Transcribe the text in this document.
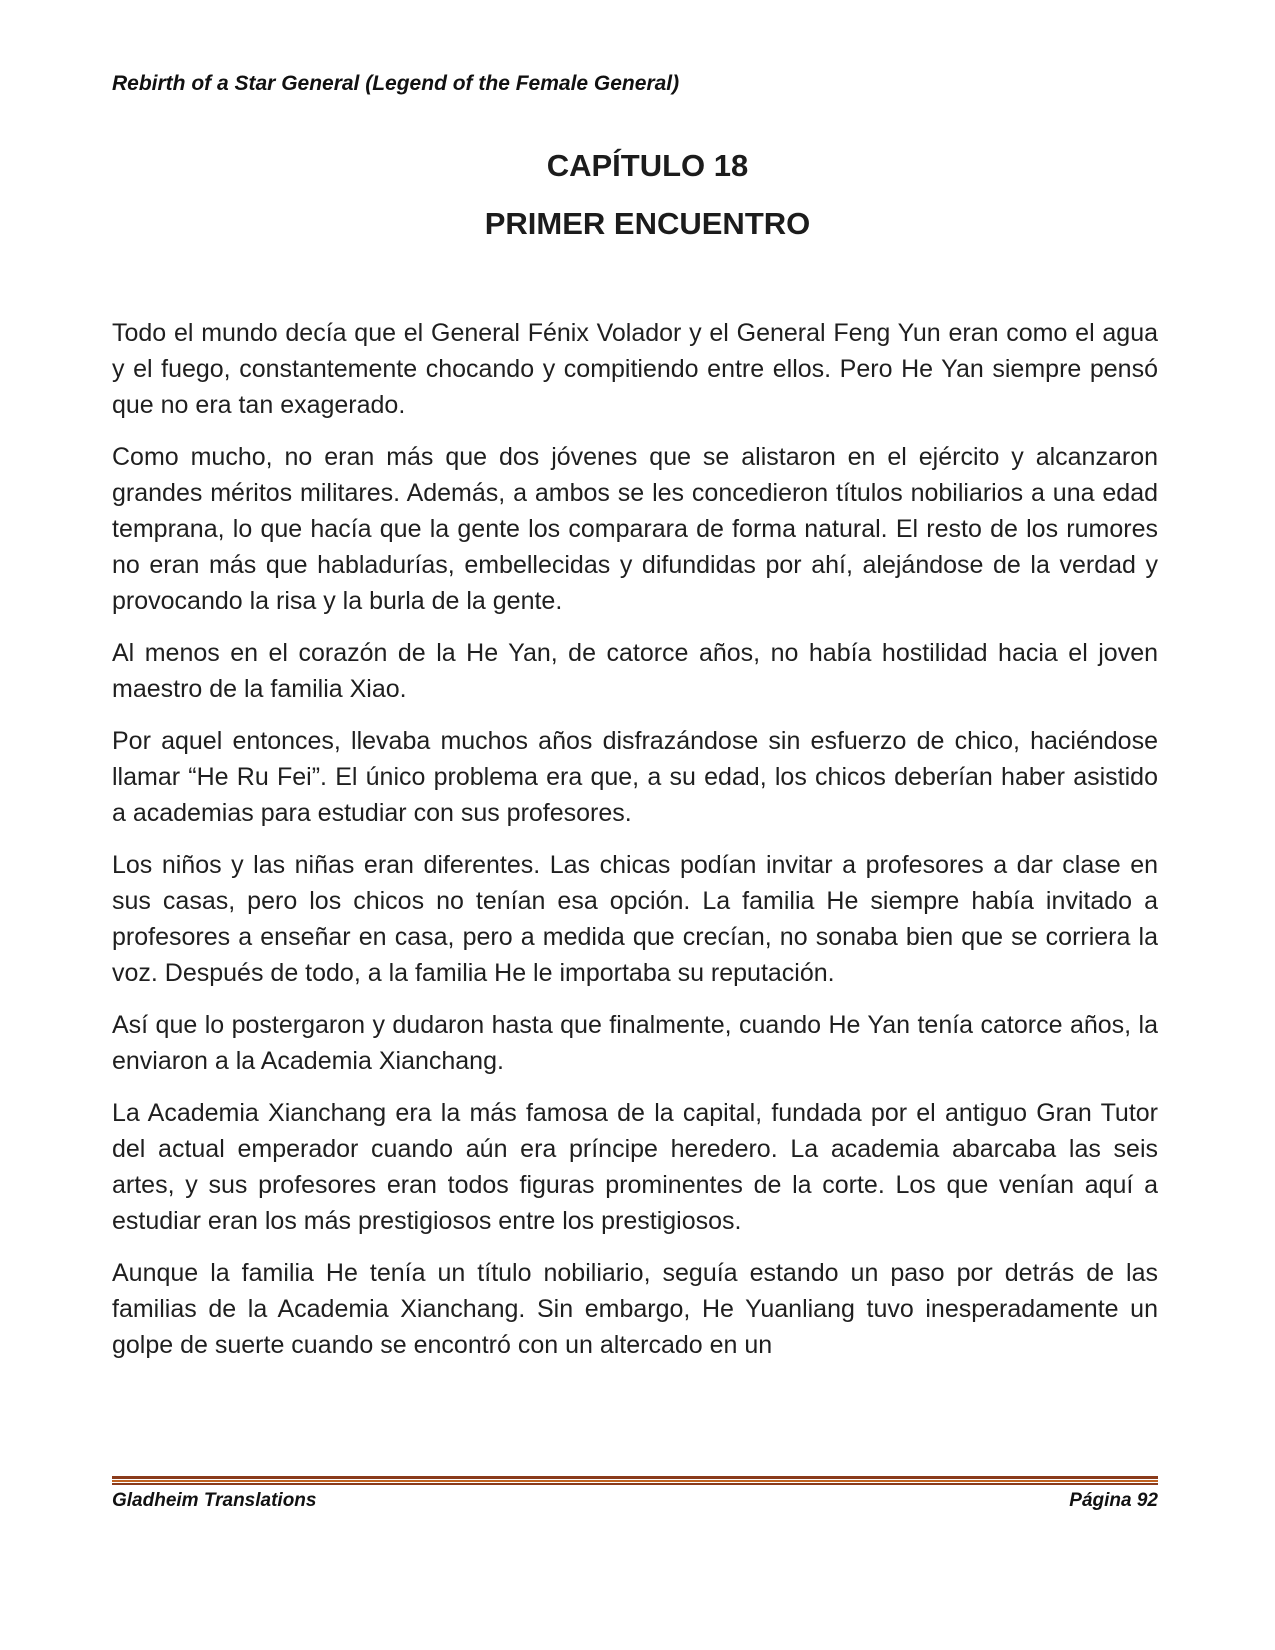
Rebirth of a Star General (Legend of the Female General)
CAPÍTULO 18
PRIMER ENCUENTRO

Todo el mundo decía que el General Fénix Volador y el General Feng Yun eran como el agua y el fuego, constantemente chocando y compitiendo entre ellos. Pero He Yan siempre pensó que no era tan exagerado.

Como mucho, no eran más que dos jóvenes que se alistaron en el ejército y alcanzaron grandes méritos militares. Además, a ambos se les concedieron títulos nobiliarios a una edad temprana, lo que hacía que la gente los comparara de forma natural. El resto de los rumores no eran más que habladurías, embellecidas y difundidas por ahí, alejándose de la verdad y provocando la risa y la burla de la gente.

Al menos en el corazón de la He Yan, de catorce años, no había hostilidad hacia el joven maestro de la familia Xiao.

Por aquel entonces, llevaba muchos años disfrazándose sin esfuerzo de chico, haciéndose llamar “He Ru Fei”. El único problema era que, a su edad, los chicos deberían haber asistido a academias para estudiar con sus profesores.

Los niños y las niñas eran diferentes. Las chicas podían invitar a profesores a dar clase en sus casas, pero los chicos no tenían esa opción. La familia He siempre había invitado a profesores a enseñar en casa, pero a medida que crecían, no sonaba bien que se corriera la voz. Después de todo, a la familia He le importaba su reputación.

Así que lo postergaron y dudaron hasta que finalmente, cuando He Yan tenía catorce años, la enviaron a la Academia Xianchang.

La Academia Xianchang era la más famosa de la capital, fundada por el antiguo Gran Tutor del actual emperador cuando aún era príncipe heredero. La academia abarcaba las seis artes, y sus profesores eran todos figuras prominentes de la corte. Los que venían aquí a estudiar eran los más prestigiosos entre los prestigiosos.

Aunque la familia He tenía un título nobiliario, seguía estando un paso por detrás de las familias de la Academia Xianchang. Sin embargo, He Yuanliang tuvo inesperadamente un golpe de suerte cuando se encontró con un altercado en un

Gladheim Translations	Página 92
